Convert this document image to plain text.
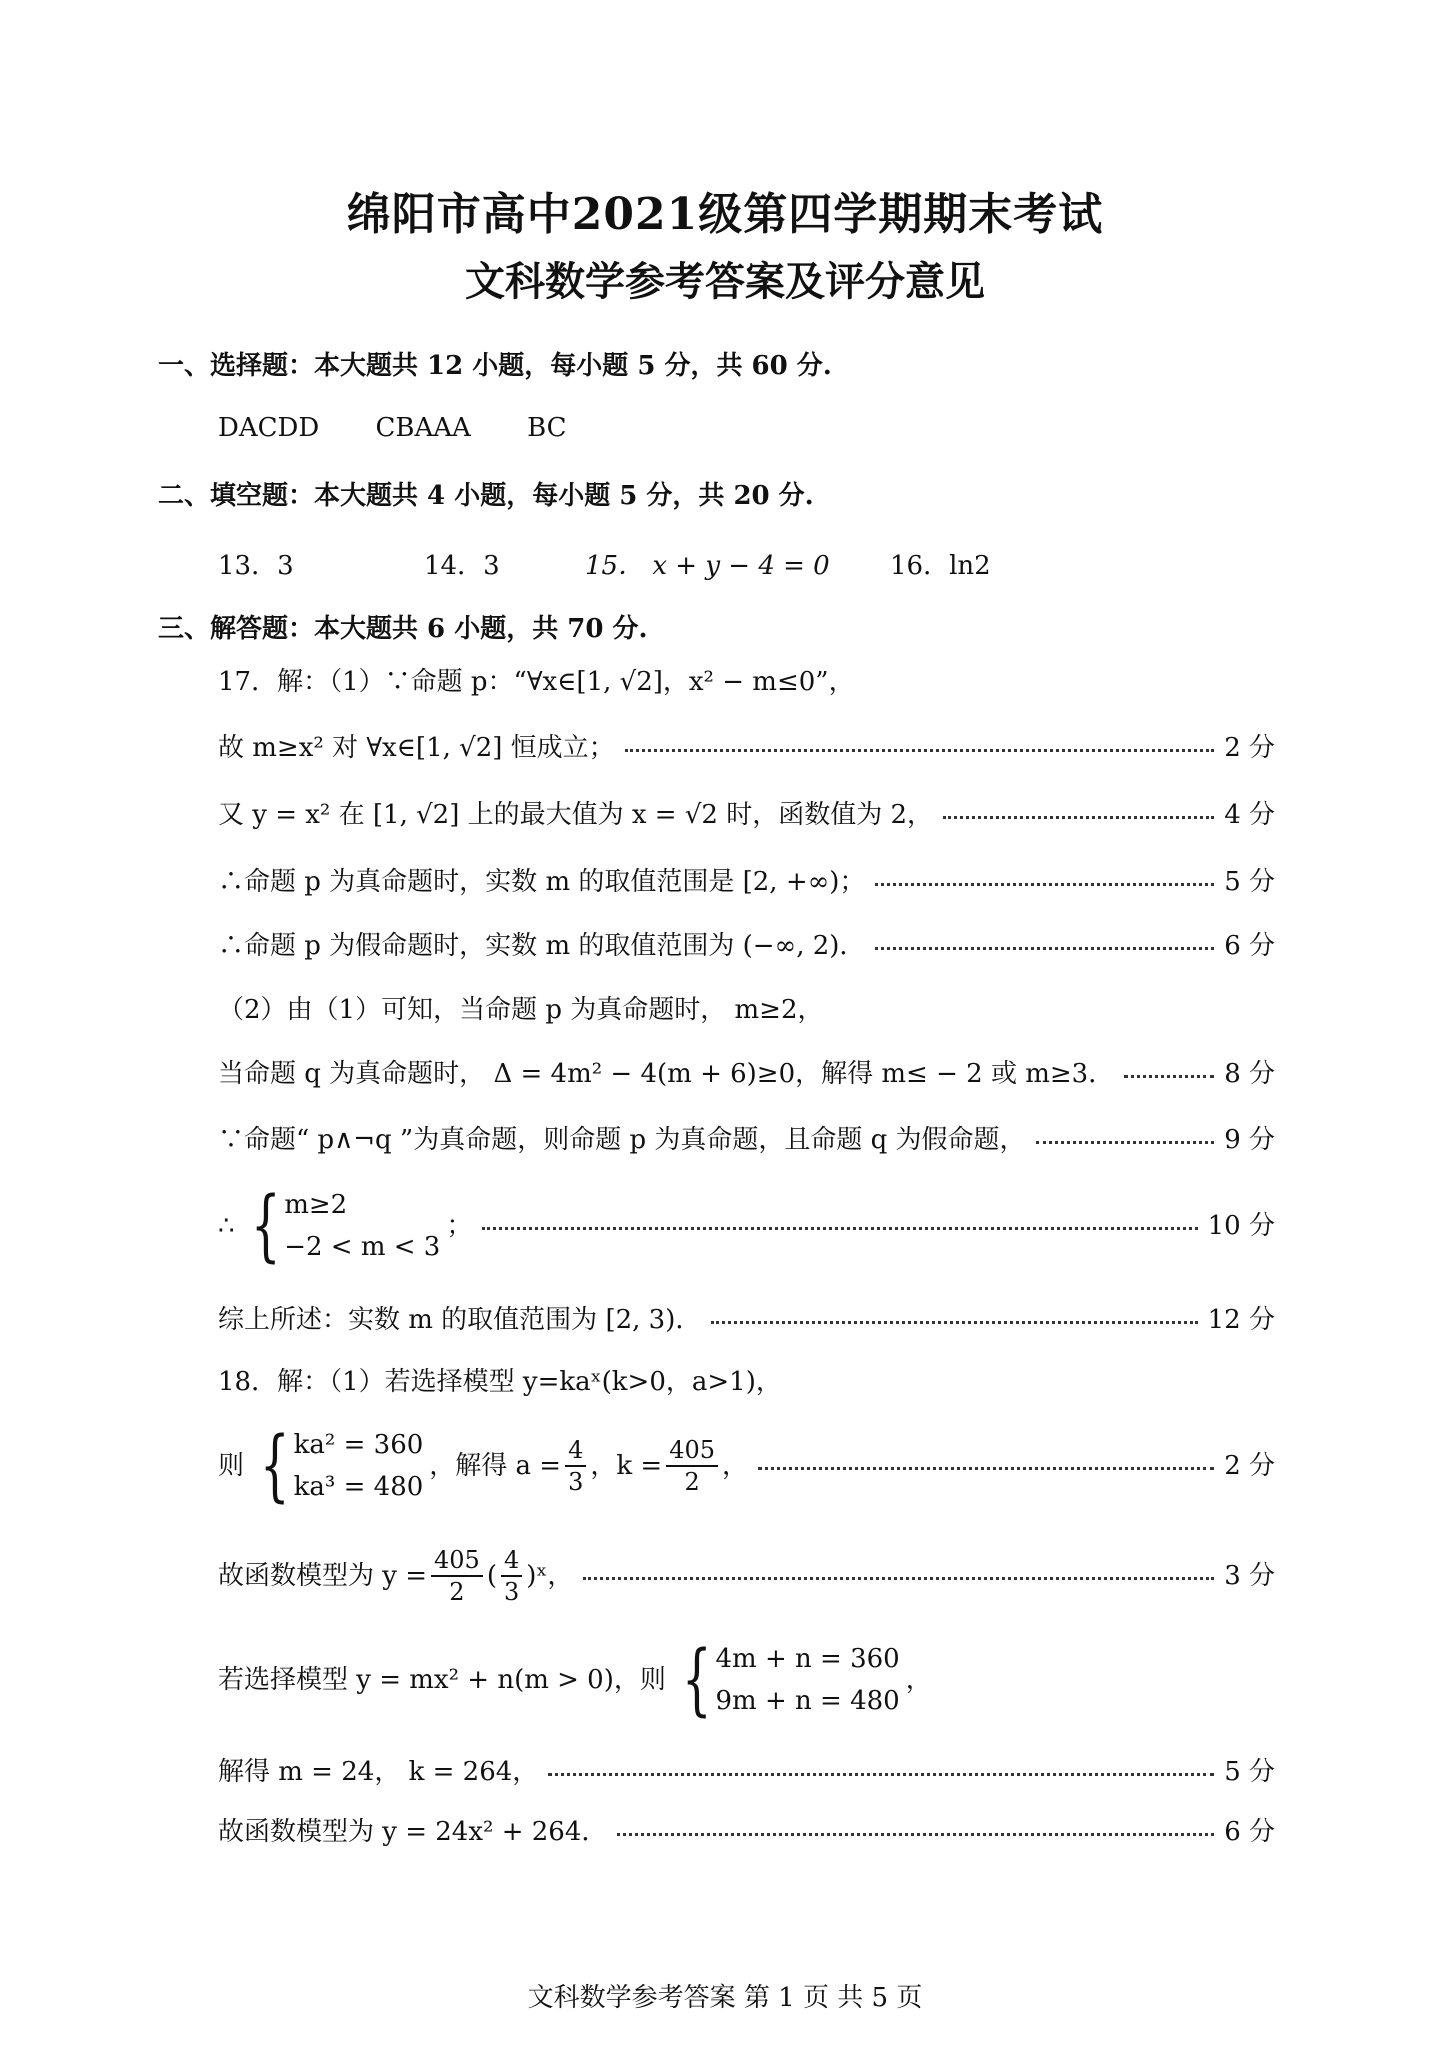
绵阳市高中2021级第四学期期末考试
文科数学参考答案及评分意见
一、选择题：本大题共 12 小题，每小题 5 分，共 60 分.
DACDD CBAAA BC
二、填空题：本大题共 4 小题，每小题 5 分，共 20 分.
13．3	14．3	15． x + y − 4 = 0 16．ln2
三、解答题：本大题共 6 小题，共 70 分.
17．解：（1）∵命题 p：“∀x∈[1, √2]，x² − m≤0”，
故 m≥x² 对 ∀x∈[1, √2] 恒成立；	2 分
又 y = x² 在 [1, √2] 上的最大值为 x = √2 时，函数值为 2，	4 分
∴命题 p 为真命题时，实数 m 的取值范围是 [2, +∞)；	5 分
∴命题 p 为假命题时，实数 m 的取值范围为 (−∞, 2)．	6 分
（2）由（1）可知，当命题 p 为真命题时， m≥2，
当命题 q 为真命题时， Δ = 4m² − 4(m + 6)≥0，解得 m≤ − 2 或 m≥3．	8 分
∵命题“ p∧¬q ”为真命题，则命题 p 为真命题，且命题 q 为假命题，	9 分
∴ { m≥2
−2 < m < 3
；	10 分
综上所述：实数 m 的取值范围为 [2, 3)．	12 分
18．解：（1）若选择模型 y=kaˣ(k>0，a>1)，
则 { ka² = 360
ka³ = 480
，解得 $a = \frac{4}{3}$ ，$k = \frac{405}{2}$ ，	2 分
故函数模型为 $y = \frac{405}{2}$ ( $\frac{4}{3}$ )ˣ，	3 分
若选择模型 y = mx² + n(m > 0)，则 { 4m + n = 360
9m + n = 480
，
解得 m = 24， k = 264，	5 分
故函数模型为 y = 24x² + 264．	6 分
文科数学参考答案 第 1 页 共 5 页
